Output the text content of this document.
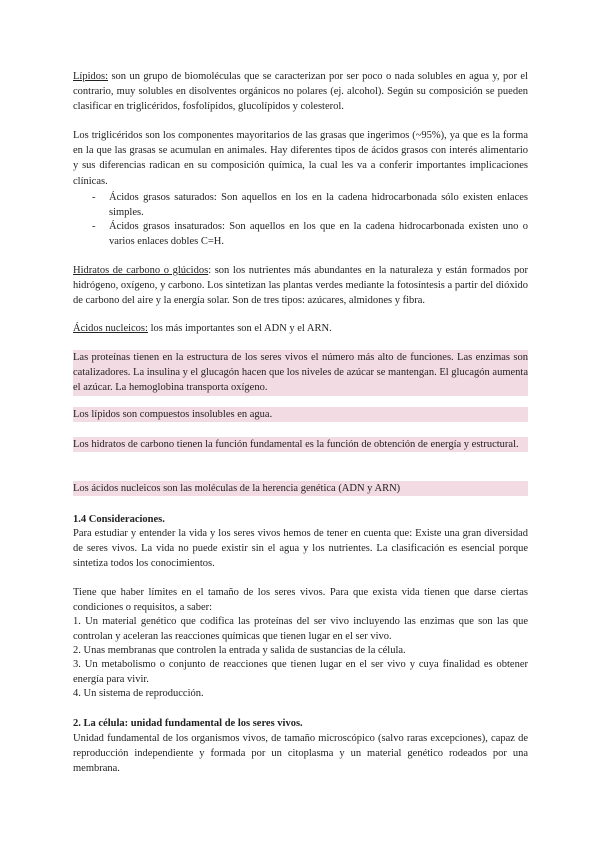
Lípidos: son un grupo de biomoléculas que se caracterizan por ser poco o nada solubles en agua y, por el contrario, muy solubles en disolventes orgánicos no polares (ej. alcohol). Según su composición se pueden clasificar en triglicéridos, fosfolípidos, glucolípidos y colesterol.
Los triglicéridos son los componentes mayoritarios de las grasas que ingerimos (~95%), ya que es la forma en la que las grasas se acumulan en animales. Hay diferentes tipos de ácidos grasos con interés alimentario y sus diferencias radican en su composición química, la cual les va a conferir importantes implicaciones clínicas.
- Ácidos grasos saturados: Son aquellos en los en la cadena hidrocarbonada sólo existen enlaces simples.
- Ácidos grasos insaturados: Son aquellos en los que en la cadena hidrocarbonada existen uno o varios enlaces dobles C=H.
Hidratos de carbono o glúcidos: son los nutrientes más abundantes en la naturaleza y están formados por hidrógeno, oxígeno, y carbono. Los sintetizan las plantas verdes mediante la fotosíntesis a partir del dióxido de carbono del aire y la energía solar. Son de tres tipos: azúcares, almidones y fibra.
Ácidos nucleicos: los más importantes son el ADN y el ARN.
Las proteínas tienen en la estructura de los seres vivos el número más alto de funciones. Las enzimas son catalizadores. La insulina y el glucagón hacen que los niveles de azúcar se mantengan. El glucagón aumenta el azúcar. La hemoglobina transporta oxígeno.
Los lípidos son compuestos insolubles en agua.
Los hidratos de carbono tienen la función fundamental es la función de obtención de energía y estructural.
Los ácidos nucleicos son las moléculas de la herencia genética (ADN y ARN)
1.4 Consideraciones.
Para estudiar y entender la vida y los seres vivos hemos de tener en cuenta que: Existe una gran diversidad de seres vivos. La vida no puede existir sin el agua y los nutrientes. La clasificación es esencial porque sintetiza todos los conocimientos.
Tiene que haber límites en el tamaño de los seres vivos. Para que exista vida tienen que darse ciertas condiciones o requisitos, a saber:
1. Un material genético que codifica las proteínas del ser vivo incluyendo las enzimas que son las que controlan y aceleran las reacciones químicas que tienen lugar en el ser vivo.
2. Unas membranas que controlen la entrada y salida de sustancias de la célula.
3. Un metabolismo o conjunto de reacciones que tienen lugar en el ser vivo y cuya finalidad es obtener energía para vivir.
4. Un sistema de reproducción.
2. La célula: unidad fundamental de los seres vivos.
Unidad fundamental de los organismos vivos, de tamaño microscópico (salvo raras excepciones), capaz de reproducción independiente y formada por un citoplasma y un material genético rodeados por una membrana.
